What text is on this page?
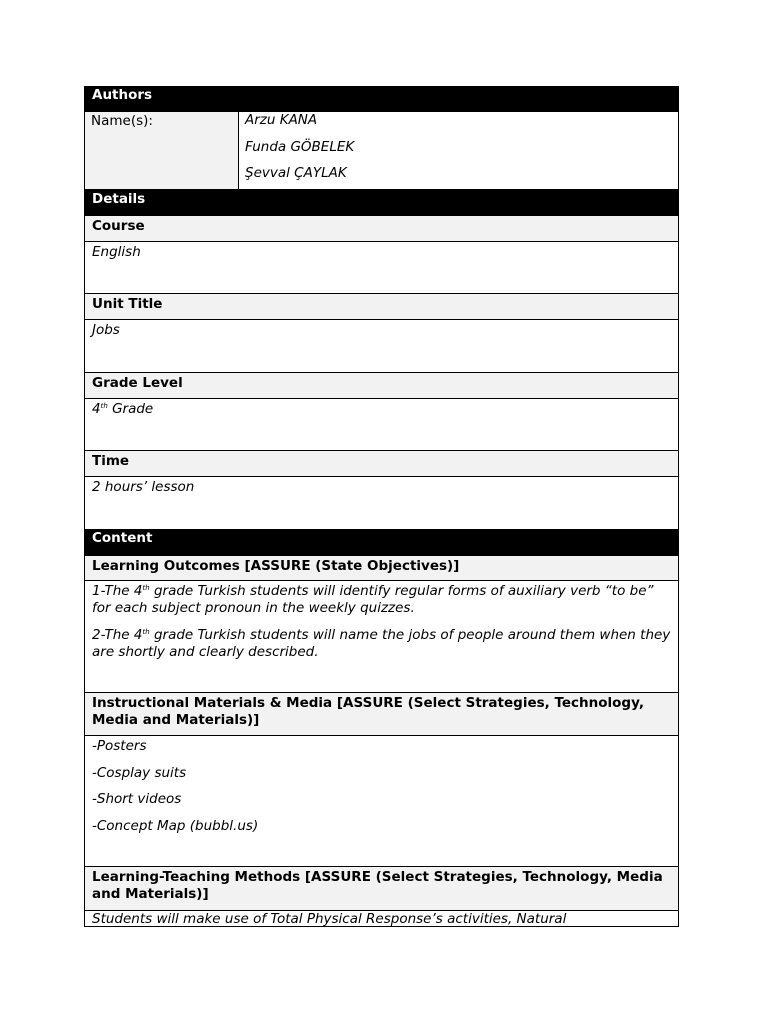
Authors
Name(s):	Arzu KANA
Funda GÖBELEK
Şevval ÇAYLAK
Details
Course
English
Unit Title
Jobs
Grade Level
4th Grade
Time
2 hours’ lesson
Content
Learning Outcomes [ASSURE (State Objectives)]

1-The 4th grade Turkish students will identify regular forms of auxiliary verb “to be” for each subject pronoun in the weekly quizzes.

2-The 4th grade Turkish students will name the jobs of people around them when they are shortly and clearly described.

Instructional Materials & Media [ASSURE (Select Strategies, Technology, Media and Materials)]

-Posters

-Cosplay suits

-Short videos

-Concept Map (bubbl.us)

Learning-Teaching Methods [ASSURE (Select Strategies, Technology, Media and Materials)]
Students will make use of Total Physical Response’s activities, Natural
